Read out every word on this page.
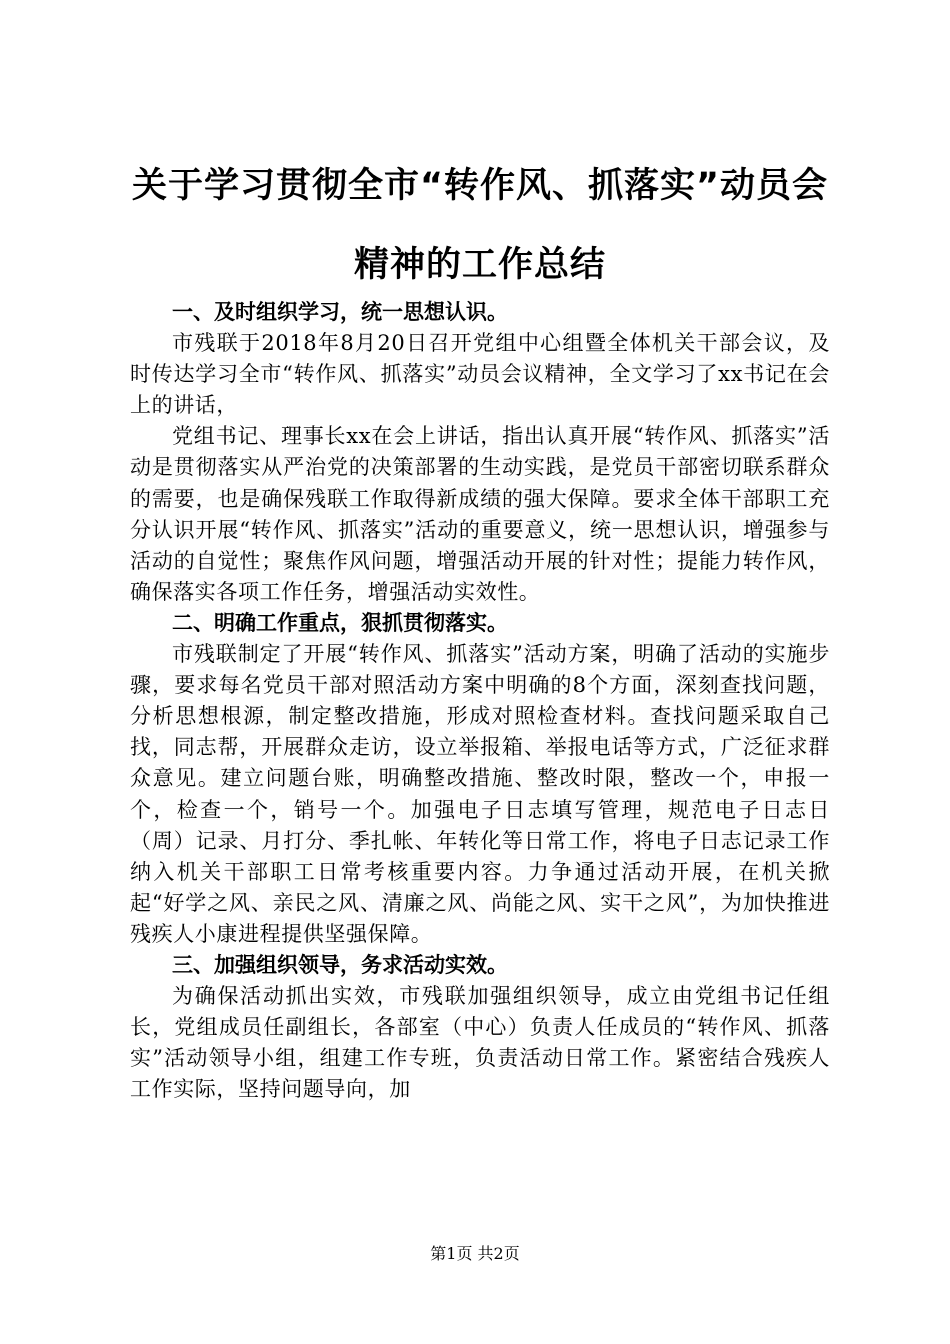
关于学习贯彻全市“转作风、抓落实”动员会
精神的工作总结

一、及时组织学习，统一思想认识。

市残联于2018年8月20日召开党组中心组暨全体机关干部会议，及时传达学习全市“转作风、抓落实”动员会议精神，全文学习了xx书记在会上的讲话，

党组书记、理事长xx在会上讲话，指出认真开展“转作风、抓落实”活动是贯彻落实从严治党的决策部署的生动实践，是党员干部密切联系群众的需要，也是确保残联工作取得新成绩的强大保障。要求全体干部职工充分认识开展“转作风、抓落实”活动的重要意义，统一思想认识，增强参与活动的自觉性；聚焦作风问题，增强活动开展的针对性；提能力转作风，确保落实各项工作任务，增强活动实效性。

二、明确工作重点，狠抓贯彻落实。

市残联制定了开展“转作风、抓落实”活动方案，明确了活动的实施步骤，要求每名党员干部对照活动方案中明确的8个方面，深刻查找问题，分析思想根源，制定整改措施，形成对照检查材料。查找问题采取自己找，同志帮，开展群众走访，设立举报箱、举报电话等方式，广泛征求群众意见。建立问题台账，明确整改措施、整改时限，整改一个，申报一个，检查一个，销号一个。加强电子日志填写管理，规范电子日志日（周）记录、月打分、季扎帐、年转化等日常工作，将电子日志记录工作纳入机关干部职工日常考核重要内容。力争通过活动开展，在机关掀起“好学之风、亲民之风、清廉之风、尚能之风、实干之风”，为加快推进残疾人小康进程提供坚强保障。

三、加强组织领导，务求活动实效。

为确保活动抓出实效，市残联加强组织领导，成立由党组书记任组长，党组成员任副组长，各部室（中心）负责人任成员的“转作风、抓落实”活动领导小组，组建工作专班，负责活动日常工作。紧密结合残疾人工作实际，坚持问题导向，加

第1页 共2页
